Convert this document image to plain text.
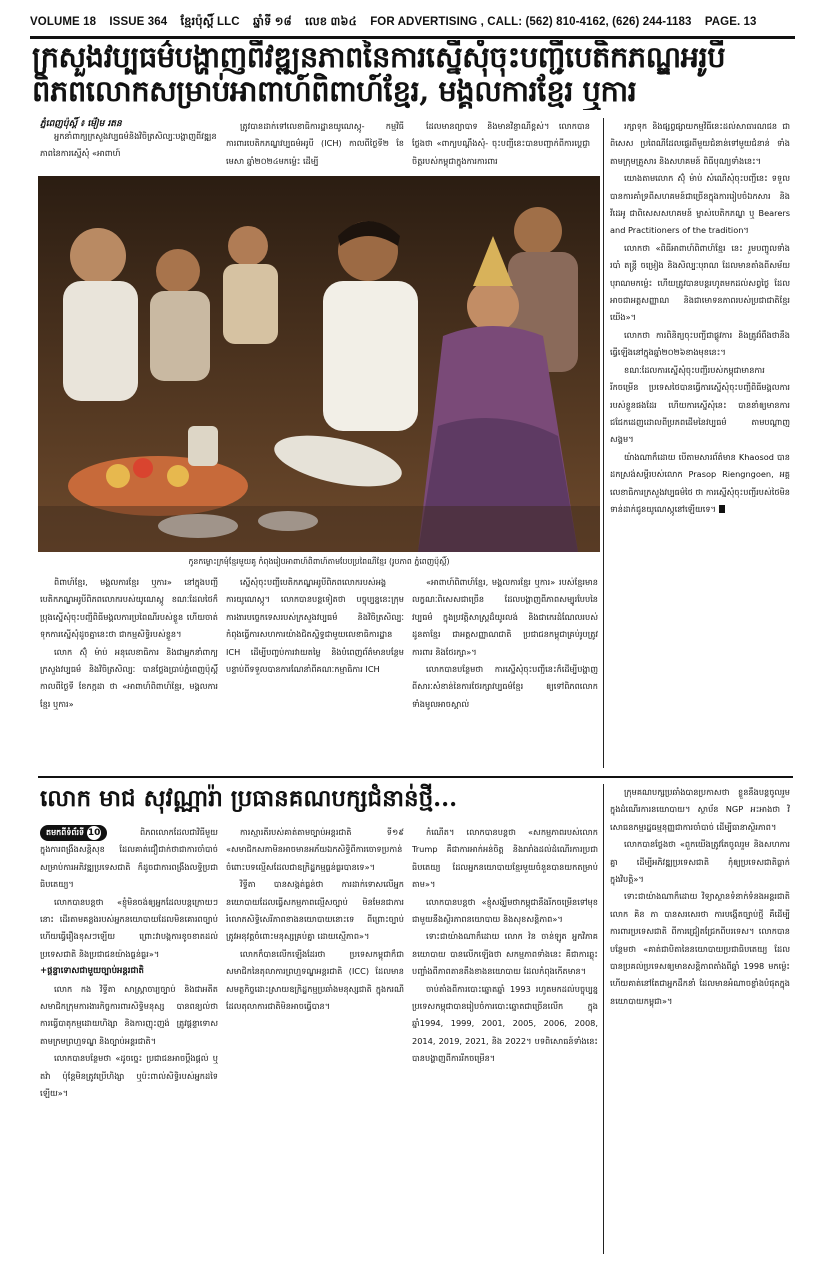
VOLUME 18 ISSUE 364 ខ្មែរប៉ុស្ដិ៍ LLC ឆ្នាំទី ១៨ លេខ ៣៦៤ FOR ADVERTISING , CALL: (562) 810-4162, (626) 244-1183 PAGE. 13
ក្រសួងវប្បធម៌បង្ហាញពីវឌ្ឍនភាពនៃការស្នើសុំចុះបញ្ជីបេតិកភណ្ឌអរូបីពិភពលោកសម្រាប់អាពាហ៍ពិពាហ៍ខ្មែរ, មង្គលការខ្មែរ ឬការ
ភ្នំពេញប៉ុស្ដិ៍ ៖ ម៉ៀម រតន

អ្នកនាំពាក្យក្រសួងវប្បធម៌និងវិចិត្រសិល្បៈបង្ហាញពីវឌ្ឍនភាពនៃការស្នើសុំ «អាពាហ៍

ត្រូវបានដាក់ទៅលេខាធិការដ្ឋានយូណេស្កូ- កម្មវិធីការពារបេតិកភណ្ឌវប្បធម៌អរូបី (ICH) កាលពីថ្ងៃទី២ ខែមេសា ឆ្នាំ២០២៤មកម្ល៉េះ ដើម្បី

ដែលមានព្យាបាទ និងមានវិន្ញាណីខ្ពស់។ លោកបានថ្លែងថា «ពាក្យបណ្ដឹងសុំ- ចុះបញ្ជីនេះបានបញ្ជាក់ពីការប្តេជ្ញាចិត្តរបស់កម្ពុជាក្នុងការការពារ

កូនកម្លោះក្រមុំខ្មែរមួយគូ កំពុងរៀបអាពាហ៍ពិពាហ៍តាមបែបប្រពៃណីខ្មែរ (រូបភាព ភ្នំពេញប៉ុស្ដិ៍)

រក្សាទុក និងផ្សព្វផ្សាយកម្មវិធីនេះដល់សាធារណជន ជាពិសេស ប្រពៃណីដែលផ្ទេរពីមួយជំនាន់ទៅមួយជំនាន់ ទាំងតាមក្រុមគ្រួសារ និងសហគមន៍ ពិធីបុណ្យទាំងនេះ។

យោងតាមលោក ស៊ុំ ម៉ាប់ សំណើសុំចុះបញ្ជីនេះ ទទួលបានការគាំទ្រពីសហគមន៍ជាច្រើនក្នុងការរៀបចំឯកសារ និងវីដេអូ ជាពិសេសសហគមន៍ ម្ចាស់បេតិកភណ្ឌ ឬ Bearers and Practitioners of the tradition។

លោកថា «ពិធីអាពាហ៍ពិពាហ៍ខ្មែរ នេះ រួមបញ្ចូលទាំងរបាំ តន្ត្រី ចម្រៀង និងសិល្បៈបុរាណ ដែលមានតាំងពីសម័យបុរាណមកម្ល៉េះ ហើយត្រូវបានបន្តរហូតមកដល់សព្វថ្ងៃ ដែលអាចជាអត្តសញ្ញាណ និងជាមោទនភាពរបស់ប្រជាជាតិខ្មែរយើង»។

លោកថា ការពិនិត្យចុះបញ្ជីជាផ្លូវការ និងត្រូវរំពឹងថានឹងធ្វើឡើងនៅក្នុងឆ្នាំ២០២៦ខាងមុខនេះ។

ខណៈដែលការស្នើសុំចុះបញ្ជីរបស់កម្ពុជាមានការរីកចម្រើន ប្រទេសថៃបានធ្វើការស្នើសុំចុះបញ្ជីពិធីមង្គលការរបស់ខ្លួនផងដែរ ហើយការស្នើសុំនេះ បាននាំឲ្យមានការជជែកដេញដោលពីប្រភពដើមនៃវប្បធម៌ តាមបណ្ដាញសង្គម។

យ៉ាងណាក៏ដោយ បើតាមសារព័ត៌មាន Khaosod បានដកស្រង់សម្តីរបស់លោក Prasop Riengngoen, អគ្គលេខាធិការក្រសួងវប្បធម៌ថៃ ថា ការស្នើសុំចុះបញ្ជីរបស់ថៃមិនទាន់ដាក់ជូនយូណេស្កូនៅឡើយទេ។

ពិពាហ៍ខ្មែរ, មង្គលការខ្មែរ ឬការ» នៅក្នុងបញ្ជីបេតិកភណ្ឌអរូបីពិភពលោករបស់យូណេស្កូ ខណៈដែលថៃក៏ប្រុងស្នើសុំចុះបញ្ជីពិធីមង្គលការប្រពៃណីរបស់ខ្លួន ហើយចាត់ទុកការស្នើសុំដូចគ្នានេះថា ជាកម្មសិទ្ធិរបស់ខ្លួន។

លោក ស៊ុំ ម៉ាប់ អនុលេខាធិការ និងជាអ្នកនាំពាក្យក្រសួងវប្បធម៌ និងវិចិត្រសិល្បៈ បានថ្លែងប្រាប់ភ្នំពេញប៉ុស្តិ៍កាលពីថ្ងៃទី ខែកក្កដា ថា «អាពាហ៍ពិពាហ៍ខ្មែរ, មង្គលការខ្មែរ ឬការ»

ស្នើសុំចុះបញ្ជីបេតិកភណ្ឌអរូបីពិភពលោករបស់អង្គការយូណេស្កូ។ លោកបានបន្តទៀតថា បច្ចុប្បន្ននេះក្រុមការងារបច្ចេកទេសរបស់ក្រសួងវប្បធម៌ និងវិចិត្រសិល្បៈ កំពុងធ្វើការសហការយ៉ាងជិតស្និទ្ធជាមួយលេខាធិការដ្ឋាន ICH ដើម្បីបញ្ចប់ការវាយតម្លៃ និងបំពេញព័ត៌មានបន្ថែម បន្ទាប់ពីទទួលបានការណែនាំពីគណៈកម្មាធិការ ICH

«អាពាហ៍ពិពាហ៍ខ្មែរ, មង្គលការខ្មែរ ឬការ» របស់ខ្មែរមានលក្ខណៈពិសេសជាច្រើន ដែលបង្ហាញពីភាពសម្បូរបែបនៃវប្បធម៌ ក្នុងប្រវត្តិសាស្ត្រដ៏យូរលង់ និងជាកេរដំណែលរបស់ដូនតាខ្មែរ ជាអត្តសញ្ញាណជាតិ ប្រជាជនកម្ពុជាគ្រប់រូបត្រូវការពារ និងថែរក្សា»។

លោកបានបន្ថែមថា ការស្នើសុំចុះបញ្ជីនេះក៏ដើម្បីបង្ហាញពីសារៈសំខាន់នៃការថែរក្សាវប្បធម៌ខ្មែរ ឲ្យទៅពិភពលោកទាំងមូលអាចស្គាល់

លោក មាជ សុវណ្ណារ៉ា ប្រធានគណបក្សជំនាន់ថ្មី...	ក្រុមគណបក្សប្រឆាំងបានប្រកាសថា ខ្លួននឹងបន្តចូលរួមក្នុងដំណើរការនយោបាយ។ ស្ថាប័ន NGP អះអាងថា វិសោធនកម្មរដ្ឋធម្មនុញ្ញជាការចាំបាច់ ដើម្បីធានាស្ថិរភាព។

លោកបានថ្លែងថា «ពួកយើងត្រូវតែចូលរួម និងសហការគ្នា ដើម្បីអភិវឌ្ឍប្រទេសជាតិ កុំឲ្យប្រទេសជាតិធ្លាក់ក្នុងវិបត្តិ»។

ទោះជាយ៉ាងណាក៏ដោយ វិទ្យាស្ថានទំនាក់ទំនងអន្តរជាតិ លោក គិន ភា បានសរសេរថា ការបង្កើតច្បាប់ថ្មី គឺដើម្បីការពារប្រទេសជាតិ ពីការជ្រៀតជ្រែកពីបរទេស។ លោកបានបន្ថែមថា «គាត់ជាបិតានៃនយោបាយប្រជាធិបតេយ្យ ដែលបានប្រគល់ប្រទេសឲ្យមានសន្តិភាពតាំងពីឆ្នាំ 1998 មកម្ល៉េះ ហើយគាត់នៅតែជាអ្នកដឹកនាំ ដែលមានអំណាចខ្លាំងបំផុតក្នុងនយោបាយកម្ពុជា»។

តមកពីទំព័រទី 10	ពិភពលោកដែលជាវិធីមួយក្នុងការពង្រឹងសន្តិសុខ ដែលគាត់ជឿជាក់ថាជាការចាំបាច់សម្រាប់ការអភិវឌ្ឍប្រទេសជាតិ ក៏ដូចជាការពង្រឹងលទ្ធិប្រជាធិបតេយ្យ។

លោកបានបន្តថា «ខ្ញុំមិនចង់ឲ្យអ្នកដែលបន្តក្រោយៗនោះ ដើរតាមគន្លងរបស់អ្នកនយោបាយដែលមិនគោរពច្បាប់ ហើយធ្វើរឿងខុសៗឡើយ ព្រោះវាបង្កការខូចខាតដល់ប្រទេសជាតិ និងប្រជាជនយ៉ាងធ្ងន់ធ្ងរ»។

+ផ្តន្ទាទោសជាមួយច្បាប់អន្តរជាតិ

លោក កង វិទ្ធីតា សាស្ត្រាចារ្យច្បាប់ និងជាអតីតសមាជិកក្រុមការងារកិច្ចការពារសិទ្ធិមនុស្ស បានពន្យល់ថា ការធ្វើបាតុកម្មដោយហិង្សា និងការញុះញង់ ត្រូវផ្ដន្ទាទោសតាមក្រមព្រហ្មទណ្ឌ និងច្បាប់អន្តរជាតិ។

លោកបានបន្ថែមថា «ដូចច្នេះ ប្រជាជនអាចប្តឹងផ្តល់ ឬតវ៉ា ប៉ុន្តែមិនត្រូវប្រើហិង្សា ឬប៉ះពាល់សិទ្ធិរបស់អ្នកដទៃឡើយ»។

ការស្មារតីរបស់គាត់តាមច្បាប់អន្តរជាតិ ទី១៩ «សមាជិកសភាមិនអាចមានអភ័យឯកសិទ្ធិពីការចោទប្រកាន់ ចំពោះបទល្មើសដែលជាឧក្រិដ្ឋកម្មធ្ងន់ធ្ងរបានទេ»។

វិទ្ធីតា បានសង្កត់ធ្ងន់ថា ការដាក់ទោសលើអ្នកនយោបាយដែលធ្វើសកម្មភាពល្មើសច្បាប់ មិនមែនជាការរំលោភសិទ្ធិសេរីភាពខាងនយោបាយនោះទេ ពីព្រោះច្បាប់ត្រូវអនុវត្តចំពោះមនុស្សគ្រប់គ្នា ដោយស្មើភាព»។

លោកក៏បានលើកឡើងដែរថា ប្រទេសកម្ពុជាក៏ជាសមាជិកនៃតុលាការព្រហ្មទណ្ឌអន្តរជាតិ (ICC) ដែលមានសមត្ថកិច្ចដោះស្រាយឧក្រិដ្ឋកម្មប្រឆាំងមនុស្សជាតិ ក្នុងករណីដែលតុលាការជាតិមិនអាចធ្វើបាន។

កំណើត។ លោកបានបន្តថា «សកម្មភាពរបស់លោក Trump គឺជាការអាក់អន់ចិត្ត និងរារាំងដល់ដំណើរការប្រជាធិបតេយ្យ ដែលអ្នកនយោបាយខ្មែរមួយចំនួនបានយកតម្រាប់តាម»។

លោកបានបន្តថា «ខ្ញុំសង្ឃឹមថាកម្ពុជានឹងរីកចម្រើនទៅមុខ ជាមួយនឹងស្ថិរភាពនយោបាយ និងសុខសន្តិភាព»។

ទោះជាយ៉ាងណាក៏ដោយ លោក វ៉ន ចាន់ឡូត អ្នកវិភាគនយោបាយ បានលើកឡើងថា សកម្មភាពទាំងនេះ គឺជាការឆ្លុះបញ្ចាំងពីភាពតានតឹងខាងនយោបាយ ដែលកំពុងកើតមាន។

ចាប់តាំងពីការបោះឆ្នោតឆ្នាំ 1993 រហូតមកដល់បច្ចុប្បន្ន ប្រទេសកម្ពុជាបានរៀបចំការបោះឆ្នោតជាច្រើនលើក ក្នុងឆ្នាំ1994, 1999, 2001, 2005, 2006, 2008, 2014, 2019, 2021, និង 2022។ បទពិសោធន៍ទាំងនេះបានបង្ហាញពីការរីកចម្រើន។
